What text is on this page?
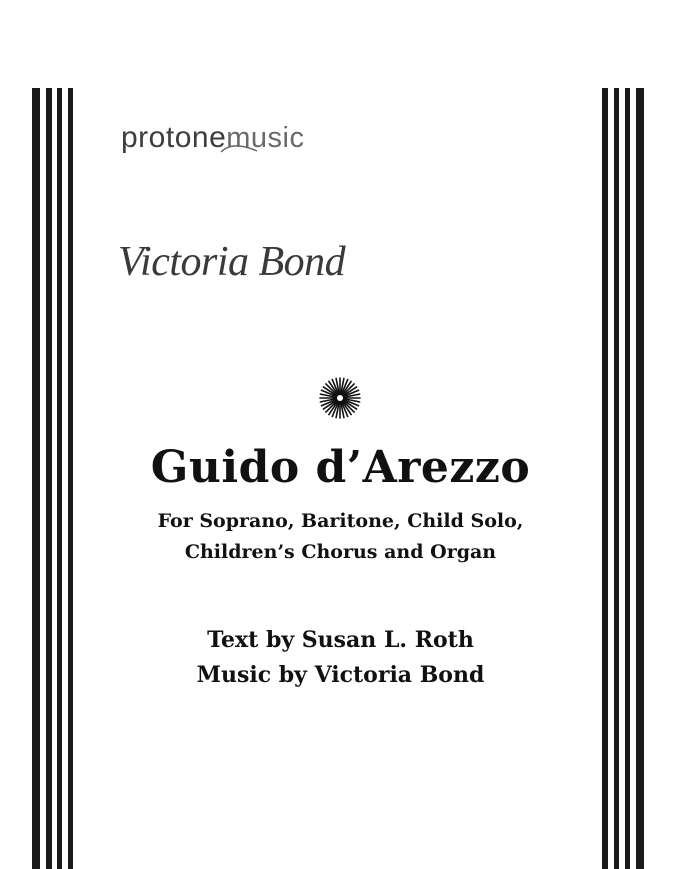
protone music
Victoria Bond
Guido d’Arezzo
For Soprano, Baritone, Child Solo,
Children’s Chorus and Organ
Text by Susan L. Roth
Music by Victoria Bond
